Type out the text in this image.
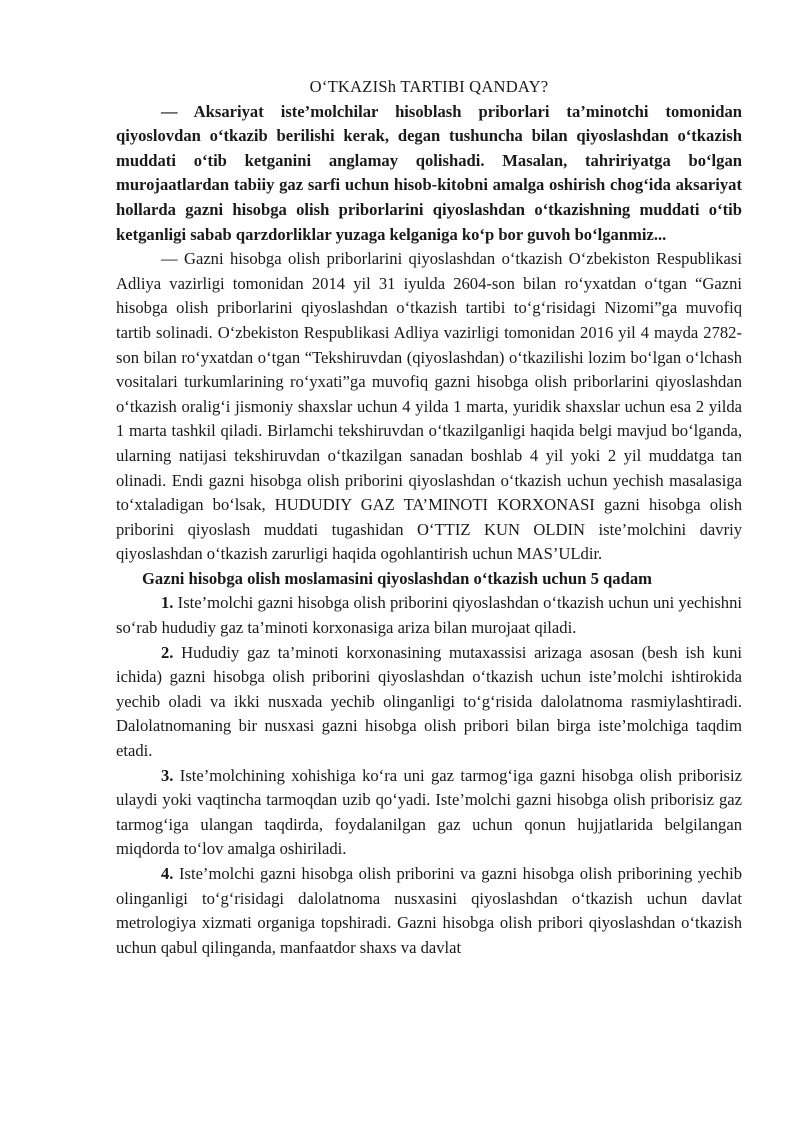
O‘TKAZISh TARTIBI QANDAY?

— Aksariyat iste’molchilar hisoblash priborlari ta’minotchi tomonidan qiyoslovdan o‘tkazib berilishi kerak, degan tushuncha bilan qiyoslashdan o‘tkazish muddati o‘tib ketganini anglamay qolishadi. Masalan, tahririyatga bo‘lgan murojaatlardan tabiiy gaz sarfi uchun hisob-kitobni amalga oshirish chog‘ida aksariyat hollarda gazni hisobga olish priborlarini qiyoslashdan o‘tkazishning muddati o‘tib ketganligi sabab qarzdorliklar yuzaga kelganiga ko‘p bor guvoh bo‘lganmiz...

— Gazni hisobga olish priborlarini qiyoslashdan o‘tkazish O‘zbekiston Respublikasi Adliya vazirligi tomonidan 2014 yil 31 iyulda 2604-son bilan ro‘yxatdan o‘tgan “Gazni hisobga olish priborlarini qiyoslashdan o‘tkazish tartibi to‘g‘risidagi Nizomi”ga muvofiq tartib solinadi. O‘zbekiston Respublikasi Adliya vazirligi tomonidan 2016 yil 4 mayda 2782-son bilan ro‘yxatdan o‘tgan “Tekshiruvdan (qiyoslashdan) o‘tkazilishi lozim bo‘lgan o‘lchash vositalari turkumlarining ro‘yxati”ga muvofiq gazni hisobga olish priborlarini qiyoslashdan o‘tkazish oralig‘i jismoniy shaxslar uchun 4 yilda 1 marta, yuridik shaxslar uchun esa 2 yilda 1 marta tashkil qiladi. Birlamchi tekshiruvdan o‘tkazilganligi haqida belgi mavjud bo‘lganda, ularning natijasi tekshiruvdan o‘tkazilgan sanadan boshlab 4 yil yoki 2 yil muddatga tan olinadi. Endi gazni hisobga olish priborini qiyoslashdan o‘tkazish uchun yechish masalasiga to‘xtaladigan bo‘lsak, HUDUDIY GAZ TA’MINOTI KORXONASI gazni hisobga olish priborini qiyoslash muddati tugashidan O‘TTIZ KUN OLDIN iste’molchini davriy qiyoslashdan o‘tkazish zarurligi haqida ogohlantirish uchun MAS’ULdir.

Gazni hisobga olish moslamasini qiyoslashdan o‘tkazish uchun 5 qadam

1. Iste’molchi gazni hisobga olish priborini qiyoslashdan o‘tkazish uchun uni yechishni so‘rab hududiy gaz ta’minoti korxonasiga ariza bilan murojaat qiladi.

2. Hududiy gaz ta’minoti korxonasining mutaxassisi arizaga asosan (besh ish kuni ichida) gazni hisobga olish priborini qiyoslashdan o‘tkazish uchun iste’molchi ishtirokida yechib oladi va ikki nusxada yechib olinganligi to‘g‘risida dalolatnoma rasmiylashtiradi. Dalolatnomaning bir nusxasi gazni hisobga olish pribori bilan birga iste’molchiga taqdim etadi.

3. Iste’molchining xohishiga ko‘ra uni gaz tarmog‘iga gazni hisobga olish priborisiz ulaydi yoki vaqtincha tarmoqdan uzib qo‘yadi. Iste’molchi gazni hisobga olish priborisiz gaz tarmog‘iga ulangan taqdirda, foydalanilgan gaz uchun qonun hujjatlarida belgilangan miqdorda to‘lov amalga oshiriladi.

4. Iste’molchi gazni hisobga olish priborini va gazni hisobga olish priborining yechib olinganligi to‘g‘risidagi dalolatnoma nusxasini qiyoslashdan o‘tkazish uchun davlat metrologiya xizmati organiga topshiradi. Gazni hisobga olish pribori qiyoslashdan o‘tkazish uchun qabul qilinganda, manfaatdor shaxs va davlat
